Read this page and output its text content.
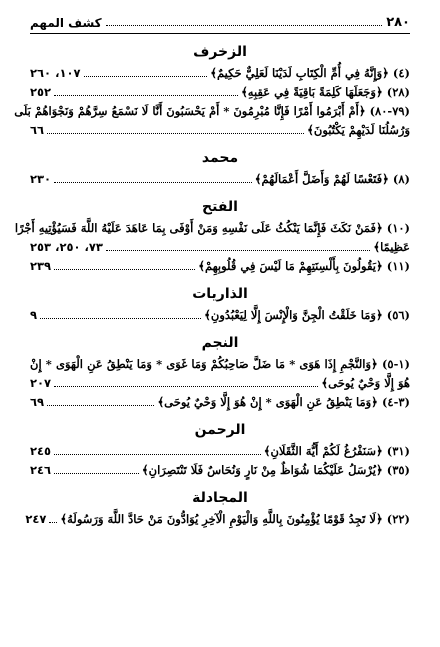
٢٨٠
كشف المهم
الزخرف
(٤)

﴿وَإِنَّهُ فِي أُمِّ الْكِتَابِ لَدَيْنَا لَعَلِيٌّ حَكِيمٌ﴾
١٠٧، ٢٦٠
(٢٨)

﴿وَجَعَلَهَا كَلِمَةً بَاقِيَةً فِي عَقِبِهِ﴾
٢٥٢
(٧٩-٨٠) ﴿أَمْ أَبْرَمُوا أَمْرًا فَإِنَّا مُبْرِمُونَ * أَمْ يَحْسَبُونَ أَنَّا لَا نَسْمَعُ سِرَّهُمْ وَنَجْوَاهُمْ بَلَى
وَرُسُلُنَا لَدَيْهِمْ يَكْتُبُونَ﴾
٦٦
محمد
(٨)

﴿فَتَعْسًا لَهُمْ وَأَضَلَّ أَعْمَالَهُمْ﴾
٢٣٠
الفتح
(١٠) ﴿فَمَنْ نَكَثَ فَإِنَّمَا يَنْكُثُ عَلَى نَفْسِهِ وَمَنْ أَوْفَى بِمَا عَاهَدَ عَلَيْهُ اللَّهَ فَسَيُؤْتِيهِ أَجْرًا
عَظِيمًا﴾
٧٣، ٢٥٠، ٢٥٣
(١١)

﴿يَقُولُونَ بِأَلْسِنَتِهِمْ مَا لَيْسَ فِي قُلُوبِهِمْ﴾
٢٣٩
الذاريات
(٥٦)

﴿وَمَا خَلَقْتُ الْجِنَّ وَالْإِنْسَ إِلَّا لِيَعْبُدُونِ﴾
٩
النجم
(١-٥) ﴿وَالنَّجْمِ إِذَا هَوَى * مَا ضَلَّ صَاحِبُكُمْ وَمَا غَوَى * وَمَا يَنْطِقُ عَنِ الْهَوَى * إِنْ
هُوَ إِلَّا وَحْيٌ يُوحَى﴾
٢٠٧
(٣-٤)

﴿وَمَا يَنْطِقُ عَنِ الْهَوَى * إِنْ هُوَ إِلَّا وَحْيٌ يُوحَى﴾
٦٩
الرحمن
(٣١)

﴿سَنَفْرُغُ لَكُمْ أَيُّهَ الثَّقَلَانِ﴾
٢٤٥
(٣٥)

﴿يُرْسَلُ عَلَيْكُمَا شُوَاظٌ مِنْ نَارٍ وَنُحَاسٌ فَلَا تَنْتَصِرَانِ﴾
٢٤٦
المجادلة
(٢٢)

﴿لَا تَجِدُ قَوْمًا يُؤْمِنُونَ بِاللَّهِ وَالْيَوْمِ الْآخِرِ يُوَادُّونَ مَنْ حَادَّ اللَّهَ وَرَسُولَهُ﴾
٢٤٧
